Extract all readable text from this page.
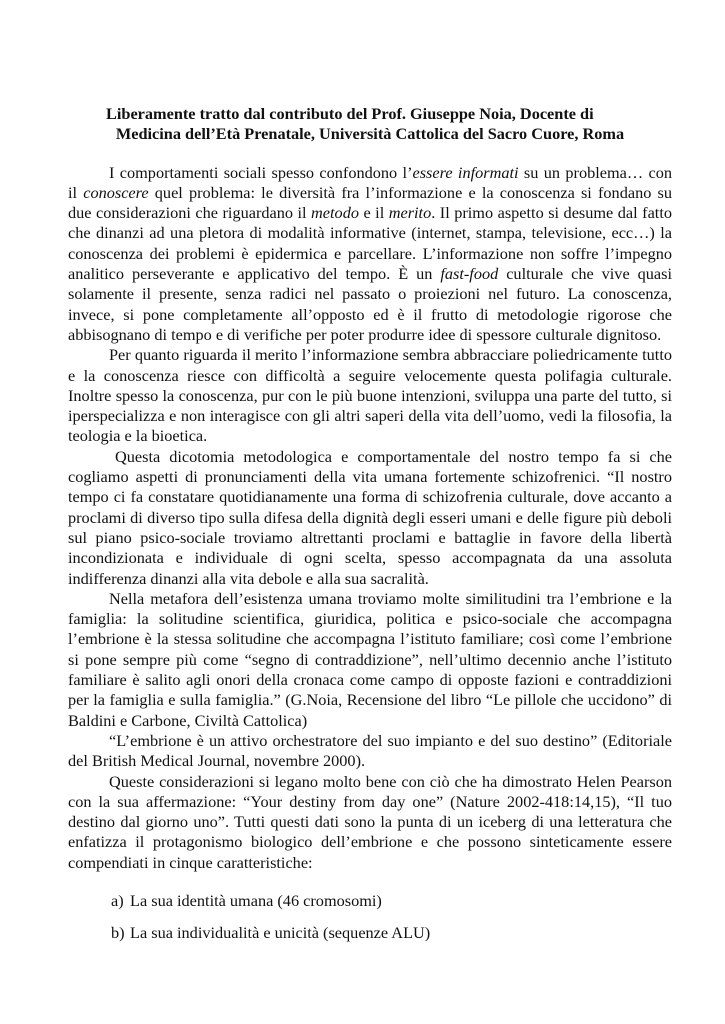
Liberamente tratto dal contributo del Prof. Giuseppe Noia, Docente di
Medicina dell’Età Prenatale, Università Cattolica del Sacro Cuore, Roma

I comportamenti sociali spesso confondono l’essere informati su un problema… con il conoscere quel problema: le diversità fra l’informazione e la conoscenza si fondano su due considerazioni che riguardano il metodo e il merito. Il primo aspetto si desume dal fatto che dinanzi ad una pletora di modalità informative (internet, stampa, televisione, ecc…) la conoscenza dei problemi è epidermica e parcellare. L’informazione non soffre l’impegno analitico perseverante e applicativo del tempo. È un fast-food culturale che vive quasi solamente il presente, senza radici nel passato o proiezioni nel futuro. La conoscenza, invece, si pone completamente all’opposto ed è il frutto di metodologie rigorose che abbisognano di tempo e di verifiche per poter produrre idee di spessore culturale dignitoso.

Per quanto riguarda il merito l’informazione sembra abbracciare poliedricamente tutto e la conoscenza riesce con difficoltà a seguire velocemente questa polifagia culturale. Inoltre spesso la conoscenza, pur con le più buone intenzioni, sviluppa una parte del tutto, si iperspecializza e non interagisce con gli altri saperi della vita dell’uomo, vedi la filosofia, la teologia e la bioetica.

Questa dicotomia metodologica e comportamentale del nostro tempo fa si che cogliamo aspetti di pronunciamenti della vita umana fortemente schizofrenici. “Il nostro tempo ci fa constatare quotidianamente una forma di schizofrenia culturale, dove accanto a proclami di diverso tipo sulla difesa della dignità degli esseri umani e delle figure più deboli sul piano psico-sociale troviamo altrettanti proclami e battaglie in favore della libertà incondizionata e individuale di ogni scelta, spesso accompagnata da una assoluta indifferenza dinanzi alla vita debole e alla sua sacralità.

Nella metafora dell’esistenza umana troviamo molte similitudini tra l’embrione e la famiglia: la solitudine scientifica, giuridica, politica e psico-sociale che accompagna l’embrione è la stessa solitudine che accompagna l’istituto familiare; così come l’embrione si pone sempre più come “segno di contraddizione”, nell’ultimo decennio anche l’istituto familiare è salito agli onori della cronaca come campo di opposte fazioni e contraddizioni per la famiglia e sulla famiglia.” (G.Noia, Recensione del libro “Le pillole che uccidono” di Baldini e Carbone, Civiltà Cattolica)

“L’embrione è un attivo orchestratore del suo impianto e del suo destino” (Editoriale del British Medical Journal, novembre 2000).

Queste considerazioni si legano molto bene con ciò che ha dimostrato Helen Pearson con la sua affermazione: “Your destiny from day one” (Nature 2002-418:14,15), “Il tuo destino dal giorno uno”. Tutti questi dati sono la punta di un iceberg di una letteratura che enfatizza il protagonismo biologico dell’embrione e che possono sinteticamente essere compendiati in cinque caratteristiche:

a) La sua identità umana (46 cromosomi)
b) La sua individualità e unicità (sequenze ALU)
